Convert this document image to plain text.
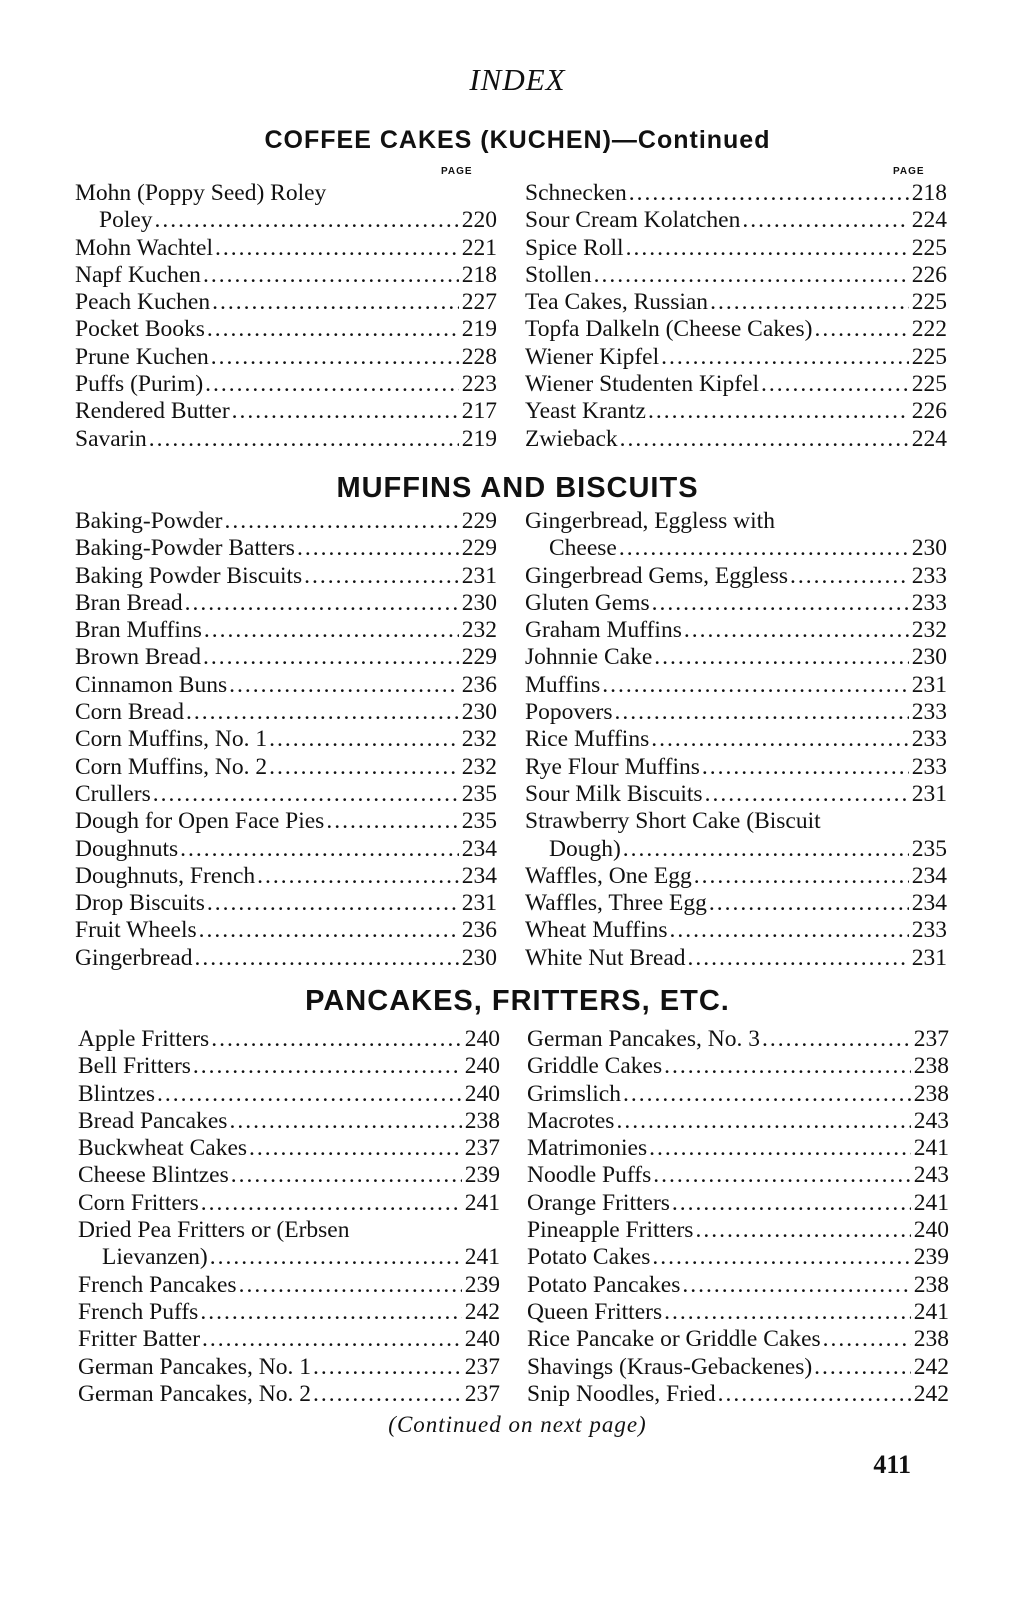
INDEX
COFFEE CAKES (KUCHEN)—Continued
PAGE	PAGE
Mohn (Poppy Seed) Roley
Poley .....	220
Mohn Wachtel .....	221
Napf Kuchen .....	218
Peach Kuchen .....	227
Pocket Books .....	219
Prune Kuchen .....	228
Puffs (Purim) .....	223
Rendered Butter .....	217
Savarin .....	219
Schnecken .....	218
Sour Cream Kolatchen .....	224
Spice Roll .....	225
Stollen .....	226
Tea Cakes, Russian .....	225
Topfa Dalkeln (Cheese Cakes) .....	222
Wiener Kipfel .....	225
Wiener Studenten Kipfel .....	225
Yeast Krantz .....	226
Zwieback .....	224
MUFFINS AND BISCUITS
Baking-Powder .....	229
Baking-Powder Batters .....	229
Baking Powder Biscuits .....	231
Bran Bread .....	230
Bran Muffins .....	232
Brown Bread .....	229
Cinnamon Buns .....	236
Corn Bread .....	230
Corn Muffins, No. 1 .....	232
Corn Muffins, No. 2 .....	232
Crullers .....	235
Dough for Open Face Pies .....	235
Doughnuts .....	234
Doughnuts, French .....	234
Drop Biscuits .....	231
Fruit Wheels .....	236
Gingerbread .....	230
Gingerbread, Eggless with
Cheese .....	230
Gingerbread Gems, Eggless .....	233
Gluten Gems .....	233
Graham Muffins .....	232
Johnnie Cake .....	230
Muffins .....	231
Popovers .....	233
Rice Muffins .....	233
Rye Flour Muffins .....	233
Sour Milk Biscuits .....	231
Strawberry Short Cake (Biscuit
Dough) .....	235
Waffles, One Egg .....	234
Waffles, Three Egg .....	234
Wheat Muffins .....	233
White Nut Bread .....	231
PANCAKES, FRITTERS, ETC.
Apple Fritters .....	240
Bell Fritters .....	240
Blintzes .....	240
Bread Pancakes .....	238
Buckwheat Cakes .....	237
Cheese Blintzes .....	239
Corn Fritters .....	241
Dried Pea Fritters or (Erbsen
Lievanzen) .....	241
French Pancakes .....	239
French Puffs .....	242
Fritter Batter .....	240
German Pancakes, No. 1 .....	237
German Pancakes, No. 2 .....	237
German Pancakes, No. 3 .....	237
Griddle Cakes .....	238
Grimslich .....	238
Macrotes .....	243
Matrimonies .....	241
Noodle Puffs .....	243
Orange Fritters .....	241
Pineapple Fritters .....	240
Potato Cakes .....	239
Potato Pancakes .....	238
Queen Fritters .....	241
Rice Pancake or Griddle Cakes .....	238
Shavings (Kraus-Gebackenes) .....	242
Snip Noodles, Fried .....	242
(Continued on next page)
411
